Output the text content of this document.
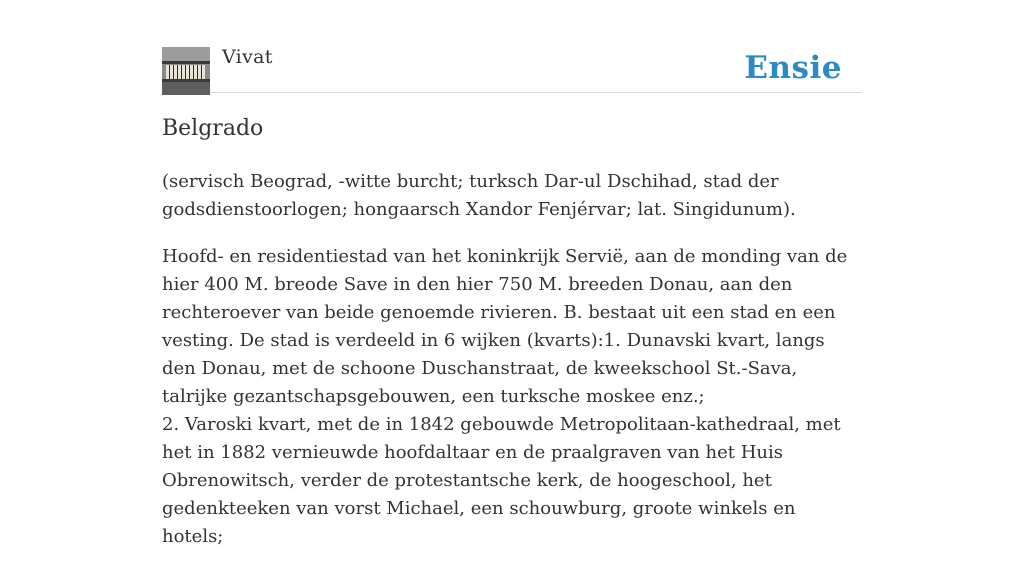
Vivat	Ensie
Belgrado

(servisch Beograd, -witte burcht; turksch Dar-ul Dschihad, stad der godsdienstoorlogen; hongaarsch Xandor Fenjérvar; lat. Singidunum).

Hoofd- en residentiestad van het koninkrijk Servië, aan de monding van de hier 400 M. breode Save in den hier 750 M. breeden Donau, aan den rechteroever van beide genoemde rivieren. B. bestaat uit een stad en een vesting. De stad is verdeeld in 6 wijken (kvarts):1. Dunavski kvart, langs den Donau, met de schoone Duschanstraat, de kweekschool St.-Sava, talrijke gezantschapsgebouwen, een turksche moskee enz.;
2. Varoski kvart, met de in 1842 gebouwde Metropolitaan-kathedraal, met het in 1882 vernieuwde hoofdaltaar en de praalgraven van het Huis Obrenowitsch, verder de protestantsche kerk, de hoogeschool, het gedenkteeken van vorst Michael, een schouwburg, groote winkels en hotels;
